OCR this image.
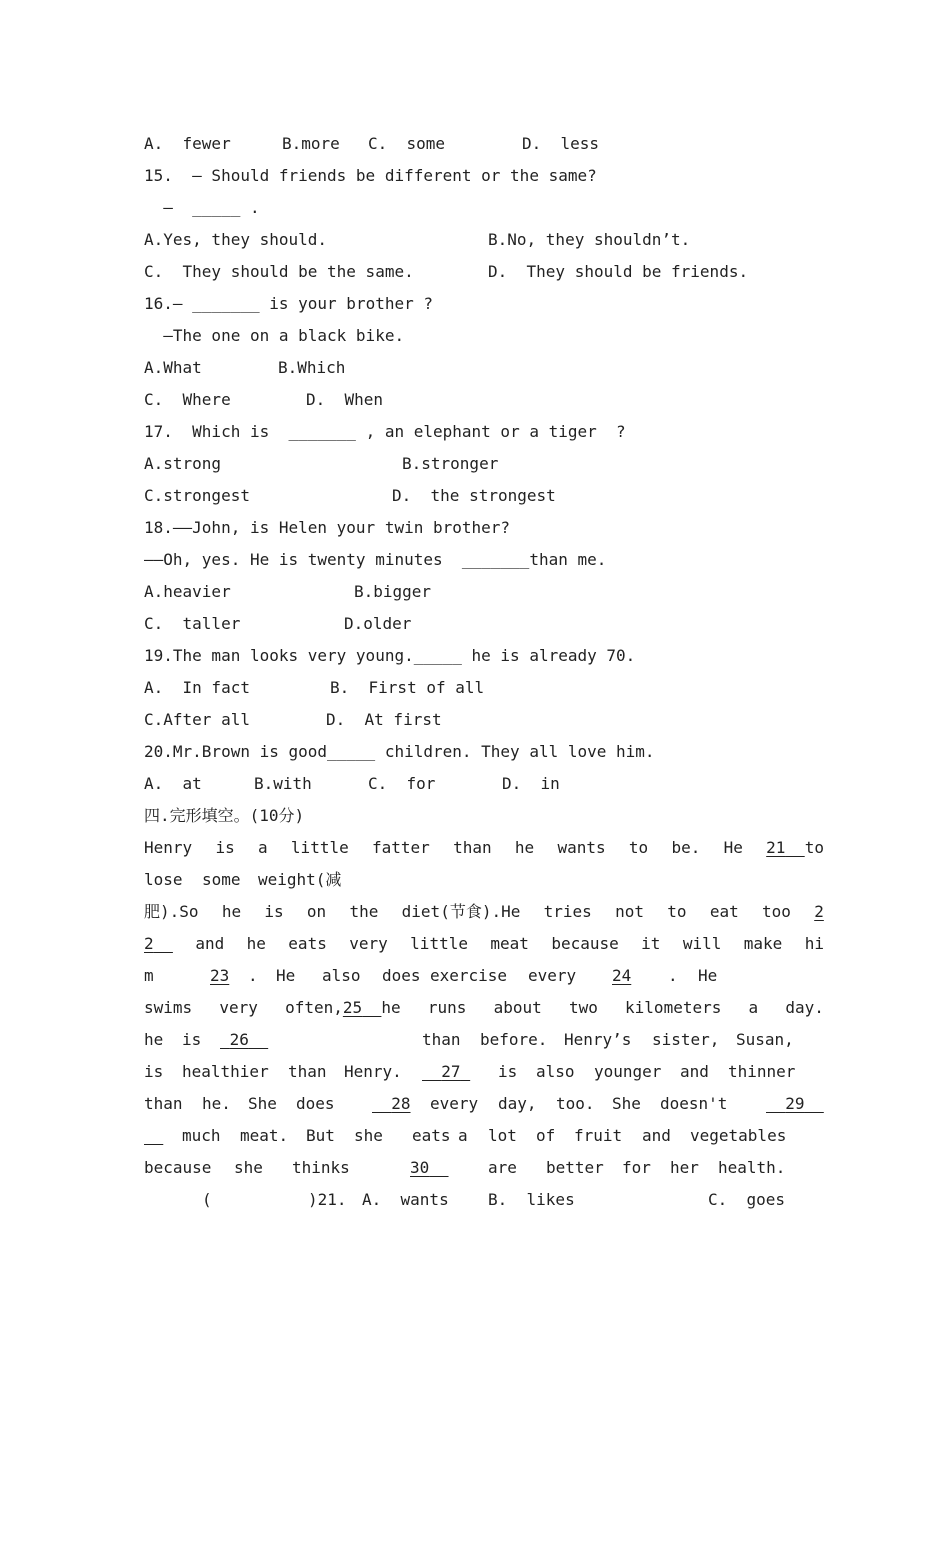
A.  fewer

	B.more

C.  some

	D.  less

15.  — Should friends be different or the same?
—  _____ .

A.Yes, they should.

	B.No, they shouldn’t.

C.  They should be the same.

	D.  They should be friends.

16.— _______ is your brother ?
—The one on a black bike.

A.What

	B.Which

C.  Where

	D.  When

17.  Which is  _______ , an elephant or a tiger  ?

A.strong

	B.stronger

C.strongest

	D.  the strongest

18.——John, is Helen your twin brother?
——Oh, yes. He is twenty minutes  _______than me.

A.heavier

	B.bigger

C.  taller

	D.older

19.The man looks very young._____ he is already 70.

A.  In fact

	B.  First of all

C.After all

	D.  At first

20.Mr.Brown is good_____ children. They all love him.

A.  at

	B.with

	C.  for

	D.  in

四.完形填空。(10分)
Henry is a little fatter than he wants to be. He 21 to

lose

some

weight(减

肥).So he is on the diet(节食).He tries not to eat too 2
2	and he eats very little meat because it will make hi

m

	23

.

He

also

does

exercise

every

24

.

He

swims very often,25 he runs about two kilometers a day.

he

is

	26

	than

before.

Henry’s

sister,

Susan,

is

healthier

than

Henry.

	27

	is

also

younger

and

thinner

than

he.

She

does

	28

every

day,

too.

She

doesn't

	29

much

meat.

But

she

eats

a

lot

of

fruit

and

vegetables

because

she

thinks

	30

	are

better

for

her

health.

(          )21.

A.  wants

B.  likes

	C.  goes
